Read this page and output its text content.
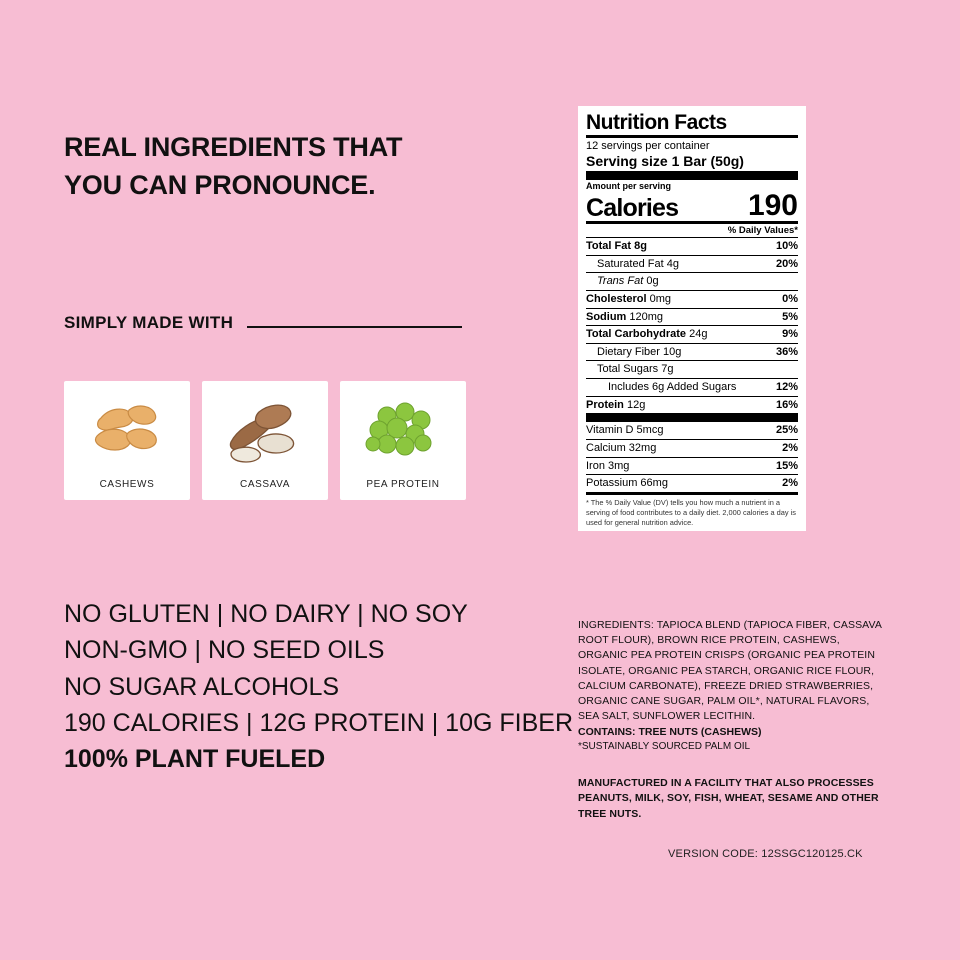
REAL INGREDIENTS THAT
YOU CAN PRONOUNCE.
SIMPLY MADE WITH
CASHEWS	CASSAVA	PEA PROTEIN
NO GLUTEN | NO DAIRY | NO SOY
NON-GMO | NO SEED OILS
NO SUGAR ALCOHOLS
190 CALORIES | 12G PROTEIN | 10G FIBER
100% PLANT FUELED
Nutrition Facts
12 servings per container
Serving size 1 Bar (50g)
Amount per serving
Calories 190
% Daily Values*
Total Fat 8g	10%
Saturated Fat 4g	20%
Trans Fat 0g
Cholesterol 0mg	0%
Sodium 120mg	5%
Total Carbohydrate 24g	9%
Dietary Fiber 10g	36%
Total Sugars 7g
Includes 6g Added Sugars	12%
Protein 12g	16%
Vitamin D 5mcg	25%
Calcium 32mg	2%
Iron 3mg	15%
Potassium 66mg	2%
* The % Daily Value (DV) tells you how much a nutrient in a serving of food contributes to a daily diet. 2,000 calories a day is used for general nutrition advice.
INGREDIENTS: TAPIOCA BLEND (TAPIOCA FIBER, CASSAVA ROOT FLOUR), BROWN RICE PROTEIN, CASHEWS, ORGANIC PEA PROTEIN CRISPS (ORGANIC PEA PROTEIN ISOLATE, ORGANIC PEA STARCH, ORGANIC RICE FLOUR, CALCIUM CARBONATE), FREEZE DRIED STRAWBERRIES, ORGANIC CANE SUGAR, PALM OIL*, NATURAL FLAVORS, SEA SALT, SUNFLOWER LECITHIN.
CONTAINS: TREE NUTS (CASHEWS)
*SUSTAINABLY SOURCED PALM OIL
MANUFACTURED IN A FACILITY THAT ALSO PROCESSES PEANUTS, MILK, SOY, FISH, WHEAT, SESAME AND OTHER TREE NUTS.
VERSION CODE: 12SSGC120125.CK
